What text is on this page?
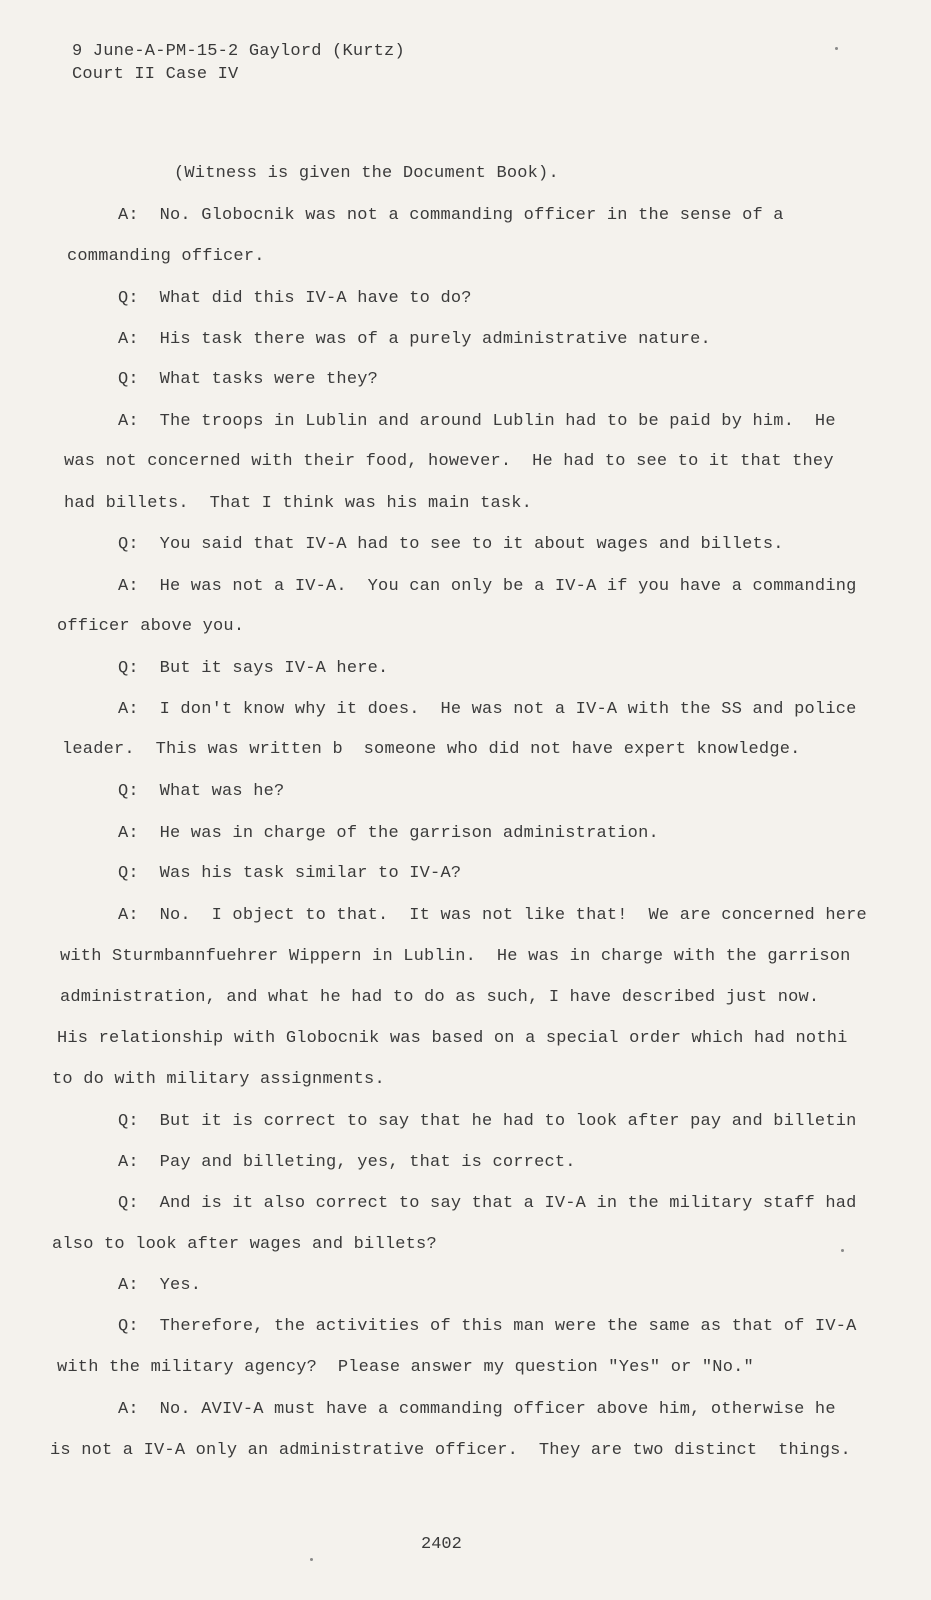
9 June-A-PM-15-2 Gaylord (Kurtz)
Court II Case IV
(Witness is given the Document Book).
A:  No. Globocnik was not a commanding officer in the sense of a
commanding officer.
Q:  What did this IV-A have to do?
A:  His task there was of a purely administrative nature.
Q:  What tasks were they?
A:  The troops in Lublin and around Lublin had to be paid by him.  He
was not concerned with their food, however.  He had to see to it that they
had billets.  That I think was his main task.
Q:  You said that IV-A had to see to it about wages and billets.
A:  He was not a IV-A.  You can only be a IV-A if you have a commanding
officer above you.
Q:  But it says IV-A here.
A:  I don't know why it does.  He was not a IV-A with the SS and police
leader.  This was written b  someone who did not have expert knowledge.
Q:  What was he?
A:  He was in charge of the garrison administration.
Q:  Was his task similar to IV-A?
A:  No.  I object to that.  It was not like that!  We are concerned here
with Sturmbannfuehrer Wippern in Lublin.  He was in charge with the garrison
administration, and what he had to do as such, I have described just now.
His relationship with Globocnik was based on a special order which had nothi
to do with military assignments.
Q:  But it is correct to say that he had to look after pay and billetin
A:  Pay and billeting, yes, that is correct.
Q:  And is it also correct to say that a IV-A in the military staff had
also to look after wages and billets?
A:  Yes.
Q:  Therefore, the activities of this man were the same as that of IV-A
with the military agency?  Please answer my question "Yes" or "No."
A:  No. AVIV-A must have a commanding officer above him, otherwise he
is not a IV-A only an administrative officer.  They are two distinct  things.
2402
